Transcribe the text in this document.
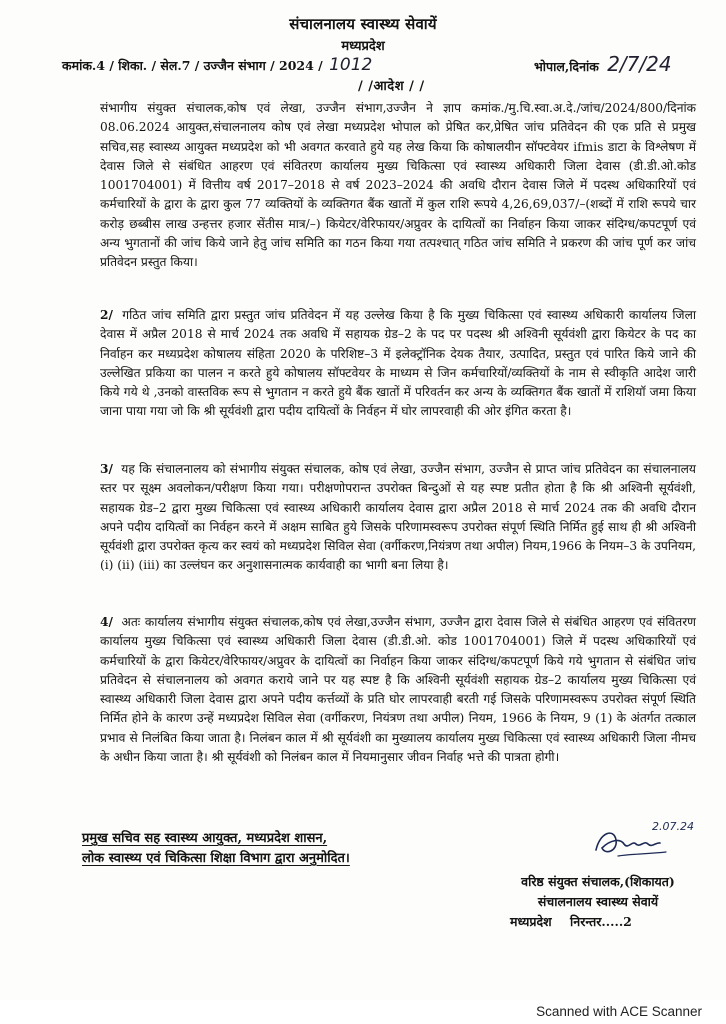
संचालनालय स्वास्थ्य सेवायें
मध्यप्रदेश
कमांक.4 / शिका. / सेल.7 / उज्जैन संभाग / 2024 / 1012	भोपाल,दिनांक 2/7/24
/ /आदेश / /

संभागीय संयुक्त संचालक,कोष एवं लेखा, उज्जैन संभाग,उज्जैन ने ज्ञाप कमांक./मु.चि.स्वा.अ.दे./जांच/2024/800/दिनांक 08.06.2024 आयुक्त,संचालनालय कोष एवं लेखा मध्यप्रदेश भोपाल को प्रेषित कर,प्रेषित जांच प्रतिवेदन की एक प्रति से प्रमुख सचिव,सह स्वास्थ्य आयुक्त मध्यप्रदेश को भी अवगत करवाते हुये यह लेख किया कि कोषालयीन सॉफ्टवेयर ifmis डाटा के विश्लेषण में देवास जिले से संबंधित आहरण एवं संवितरण कार्यालय मुख्य चिकित्सा एवं स्वास्थ्य अधिकारी जिला देवास (डी.डी.ओ.कोड 1001704001) में वित्तीय वर्ष 2017–2018 से वर्ष 2023–2024 की अवधि दौरान देवास जिले में पदस्थ अधिकारियों एवं कर्मचारियों के द्वारा के द्वारा कुल 77 व्यक्तियों के व्यक्तिगत बैंक खातों में कुल राशि रूपये 4,26,69,037/–(शब्दों में राशि रूपये चार करोड़ छब्बीस लाख उन्हत्तर हजार सेंतीस मात्र/–) कियेटर/वेरिफायर/अप्रुवर के दायित्वों का निर्वाहन किया जाकर संदिग्ध/कपटपूर्ण एवं अन्य भुगतानों की जांच किये जाने हेतु जांच समिति का गठन किया गया तत्पश्चात् गठित जांच समिति ने प्रकरण की जांच पूर्ण कर जांच प्रतिवेदन प्रस्तुत किया।

2/ गठित जांच समिति द्वारा प्रस्तुत जांच प्रतिवेदन में यह उल्लेख किया है कि मुख्य चिकित्सा एवं स्वास्थ्य अधिकारी कार्यालय जिला देवास में अप्रैल 2018 से मार्च 2024 तक अवधि में सहायक ग्रेड–2 के पद पर पदस्थ श्री अश्विनी सूर्यवंशी द्वारा कियेटर के पद का निर्वाहन कर मध्यप्रदेश कोषालय संहिता 2020 के परिशिष्ट–3 में इलेक्ट्रॉनिक देयक तैयार, उत्पादित, प्रस्तुत एवं पारित किये जाने की उल्लेखित प्रकिया का पालन न करते हुये कोषालय सॉफ्टवेयर के माध्यम से जिन कर्मचारियों/व्यक्तियों के नाम से स्वीकृति आदेश जारी किये गये थे ,उनको वास्तविक रूप से भुगतान न करते हुये बैंक खातों में परिवर्तन कर अन्य के व्यक्तिगत बैंक खातों में राशियॉ जमा किया जाना पाया गया जो कि श्री सूर्यवंशी द्वारा पदीय दायित्वों के निर्वहन में घोर लापरवाही की ओर इंगित करता है।

3/ यह कि संचालनालय को संभागीय संयुक्त संचालक, कोष एवं लेखा, उज्जैन संभाग, उज्जैन से प्राप्त जांच प्रतिवेदन का संचालनालय स्तर पर सूक्ष्म अवलोकन/परीक्षण किया गया। परीक्षणोपरान्त उपरोक्त बिन्दुओं से यह स्पष्ट प्रतीत होता है कि श्री अश्विनी सूर्यवंशी, सहायक ग्रेड–2 द्वारा मुख्य चिकित्सा एवं स्वास्थ्य अधिकारी कार्यालय देवास द्वारा अप्रैल 2018 से मार्च 2024 तक की अवधि दौरान अपने पदीय दायित्वों का निर्वहन करने में अक्षम साबित हुये जिसके परिणामस्वरूप उपरोक्त संपूर्ण स्थिति निर्मित हुई साथ ही श्री अश्विनी सूर्यवंशी द्वारा उपरोक्त कृत्य कर स्वयं को मध्यप्रदेश सिविल सेवा (वर्गीकरण,नियंत्रण तथा अपील) नियम,1966 के नियम–3 के उपनियम, (i) (ii) (iii) का उल्लंघन कर अनुशासनात्मक कार्यवाही का भागी बना लिया है।

4/ अतः कार्यालय संभागीय संयुक्त संचालक,कोष एवं लेखा,उज्जैन संभाग, उज्जैन द्वारा देवास जिले से संबंधित आहरण एवं संवितरण कार्यालय मुख्य चिकित्सा एवं स्वास्थ्य अधिकारी जिला देवास (डी.डी.ओ. कोड 1001704001) जिले में पदस्थ अधिकारियों एवं कर्मचारियों के द्वारा कियेटर/वेरिफायर/अप्रुवर के दायित्वों का निर्वाहन किया जाकर संदिग्ध/कपटपूर्ण किये गये भुगतान से संबंधित जांच प्रतिवेदन से संचालनालय को अवगत कराये जाने पर यह स्पष्ट है कि अश्विनी सूर्यवंशी सहायक ग्रेड–2 कार्यालय मुख्य चिकित्सा एवं स्वास्थ्य अधिकारी जिला देवास द्वारा अपने पदीय कर्त्तव्यों के प्रति घोर लापरवाही बरती गई जिसके परिणामस्वरूप उपरोक्त संपूर्ण स्थिति निर्मित होने के कारण उन्हें मध्यप्रदेश सिविल सेवा (वर्गीकरण, नियंत्रण तथा अपील) नियम, 1966 के नियम, 9 (1) के अंतर्गत तत्काल प्रभाव से निलंबित किया जाता है। निलंबन काल में श्री सूर्यवंशी का मुख्यालय कार्यालय मुख्य चिकित्सा एवं स्वास्थ्य अधिकारी जिला नीमच के अधीन किया जाता है। श्री सूर्यवंशी को निलंबन काल में नियमानुसार जीवन निर्वाह भत्ते की पात्रता होगी।

प्रमुख सचिव सह स्वास्थ्य आयुक्त, मध्यप्रदेश शासन,
लोक स्वास्थ्य एवं चिकित्सा शिक्षा विभाग द्वारा अनुमोदित।
2.07.24
वरिष्ठ संयुक्त संचालक,(शिकायत)
संचालनालय स्वास्थ्य सेवायें
मध्यप्रदेश निरन्तर.....2
Scanned with ACE Scanner
